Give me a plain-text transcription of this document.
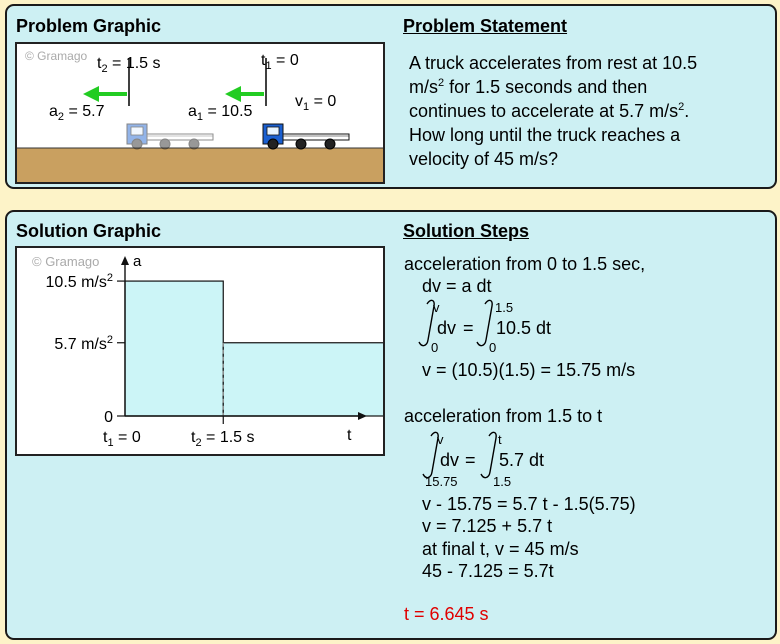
Problem Graphic	Problem Statement
© Gramago $t_2 = 1.5$ s	$t_1 = 0$
$a_2 = 5.7$	$a_1 = 10.5$
$v_1 = 0$
A truck accelerates from rest at 10.5
$m/s^2$ for 1.5 seconds and then
continues to accelerate at 5.7 $m/s^2$.
How long until the truck reaches a
velocity of 45 m/s?
Solution Graphic	Solution Steps
© Gramago a
t
10.5 $m/s^2$
5.7 $m/s^2$
0
$t_1 = 0$	$t_2 = 1.5$ s
acceleration from 0 to 1.5 sec,
dv = a dt
v
0
dv =
1.5
0
10.5 dt
v = (10.5)(1.5) = 15.75 m/s
acceleration from 1.5 to t
v
15.75
dv =
t
1.5
5.7 dt
v - 15.75 = 5.7 t - 1.5(5.75)
v = 7.125 + 5.7 t
at final t, v = 45 m/s
45 - 7.125 = 5.7t
t = 6.645 s
